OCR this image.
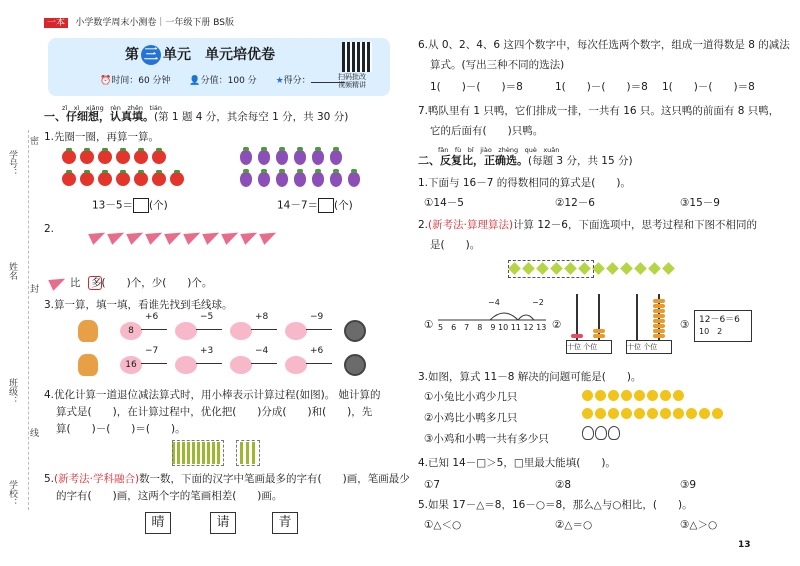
一本 小学数学周末小测卷｜一年级下册 BS版
第 三 单元　单元培优卷
⏰时间：60 分钟 👤分值：100 分 ★得分：	扫码批改
视频精讲
学号：
姓名
班级：
学校：
密
封
线
zǐ　xì　xiǎng　rèn　zhēn　tián
一、仔细想，认真填。(第 1 题 4 分，其余每空 1 分，共 30 分)
1.先圈一圈，再算一算。
13－5＝ (个)	14－7＝ (个)
2.
比　多(　　)个，少(　　)个。
3.算一算，填一填，看谁先找到毛线球。
8
+6	−5	+8	−9
16
−7	+3	−4	+6
4.优化计算一道退位减法算式时，用小棒表示计算过程(如图)。 她计算的
算式是(　　)，在计算过程中，优化把(　　)分成(　　)和(　　)，先
算(　　)－(　　)＝(　　)。
5.(新考法·学科融合)数一数，下面的汉字中笔画最多的字有(　　)画，笔画最少
的字有(　　)画，这两个字的笔画相差(　　)画。
晴	请	青
6.从 0、2、4、6 这四个数字中，每次任选两个数字，组成一道得数是 8 的减法
算式。(写出三种不同的选法)
1(　　)－(　　)＝8	1(　　)－(　　)＝8 1(　　)－(　　)＝8
7.鸭队里有 1 只鸭，它们排成一排，一共有 16 只。这只鸭的前面有 8 只鸭，
它的后面有(　　)只鸭。
fǎn　fù　bǐ　jiào　zhèng　què　xuǎn
二、反复比，正确选。(每题 3 分，共 15 分)
1.下面与 16－7 的得数相同的算式是(　　)。
①14－5	②12－6	③15－9
2.(新考法·算理算法)计算 12－6，下面选项中，思考过程和下图不相同的
是(　　)。
①
−4	−2
5　6　7　8　9 10 11 12 13 ②
十位 个位	十位 个位
③	12－6＝6
10　2
3.如图，算式 11－8 解决的问题可能是(　　)。
①小兔比小鸡少几只
②小鸡比小鸭多几只
③小鸡和小鸭一共有多少只
4.已知 14－□＞5，□里最大能填(　　)。
①7	②8	③9
5.如果 17－△＝8，16－○＝8，那么△与○相比，(　　)。
①△＜○	②△＝○	③△＞○
13
